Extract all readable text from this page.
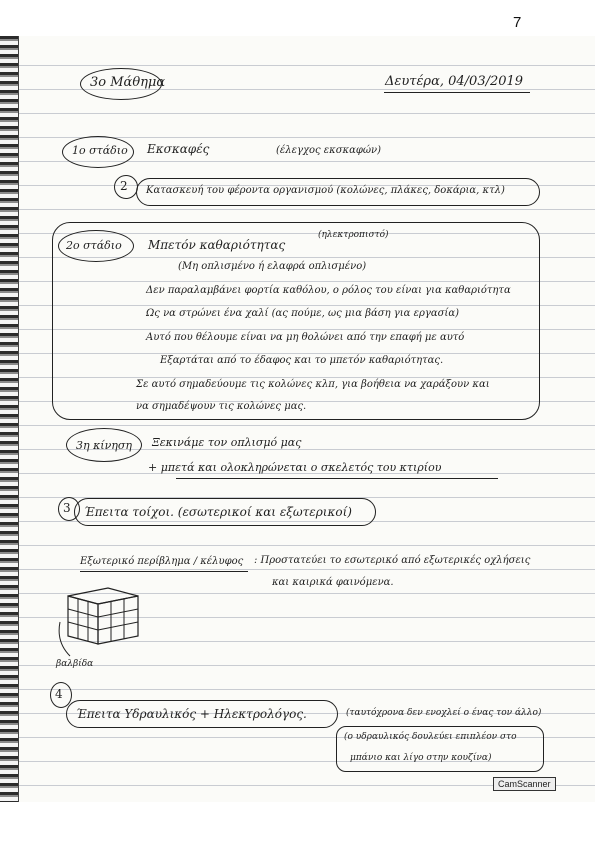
7
3ο Μάθημα	Δευτέρα, 04/03/2019
1ο στάδιο Εκσκαφές	(έλεγχος εκσκαφών)
2 Κατασκευή του φέροντα οργανισμού (κολώνες, πλάκες, δοκάρια, κτλ)
2ο στάδιο Μπετόν καθαριότητας
(ηλεκτροπιστό)
(Μη οπλισμένο ή ελαφρά οπλισμένο)
Δεν παραλαμβάνει φορτία καθόλου, ο ρόλος του είναι για καθαριότητα
Ως να στρώνει ένα χαλί (ας πούμε, ως μια βάση για εργασία)
Αυτό που θέλουμε είναι να μη θολώνει από την επαφή με αυτό
Εξαρτάται από το έδαφος και το μπετόν καθαριότητας.
Σε αυτό σημαδεύουμε τις κολώνες κλπ, για βοήθεια να χαράξουν και
να σημαδέψουν τις κολώνες μας.
3η κίνηση Ξεκινάμε τον οπλισμό μας
+ μπετά και ολοκληρώνεται ο σκελετός του κτιρίου
3 Έπειτα τοίχοι. (εσωτερικοί και εξωτερικοί)
Εξωτερικό περίβλημα / κέλυφος : Προστατεύει το εσωτερικό από εξωτερικές οχλήσεις
και καιρικά φαινόμενα.
βαλβίδα
4
Έπειτα Υδραυλικός + Ηλεκτρολόγος.	(ταυτόχρονα δεν ενοχλεί ο ένας τον άλλο)
(ο υδραυλικός δουλεύει επιπλέον στο
μπάνιο και λίγο στην κουζίνα)
CamScanner
